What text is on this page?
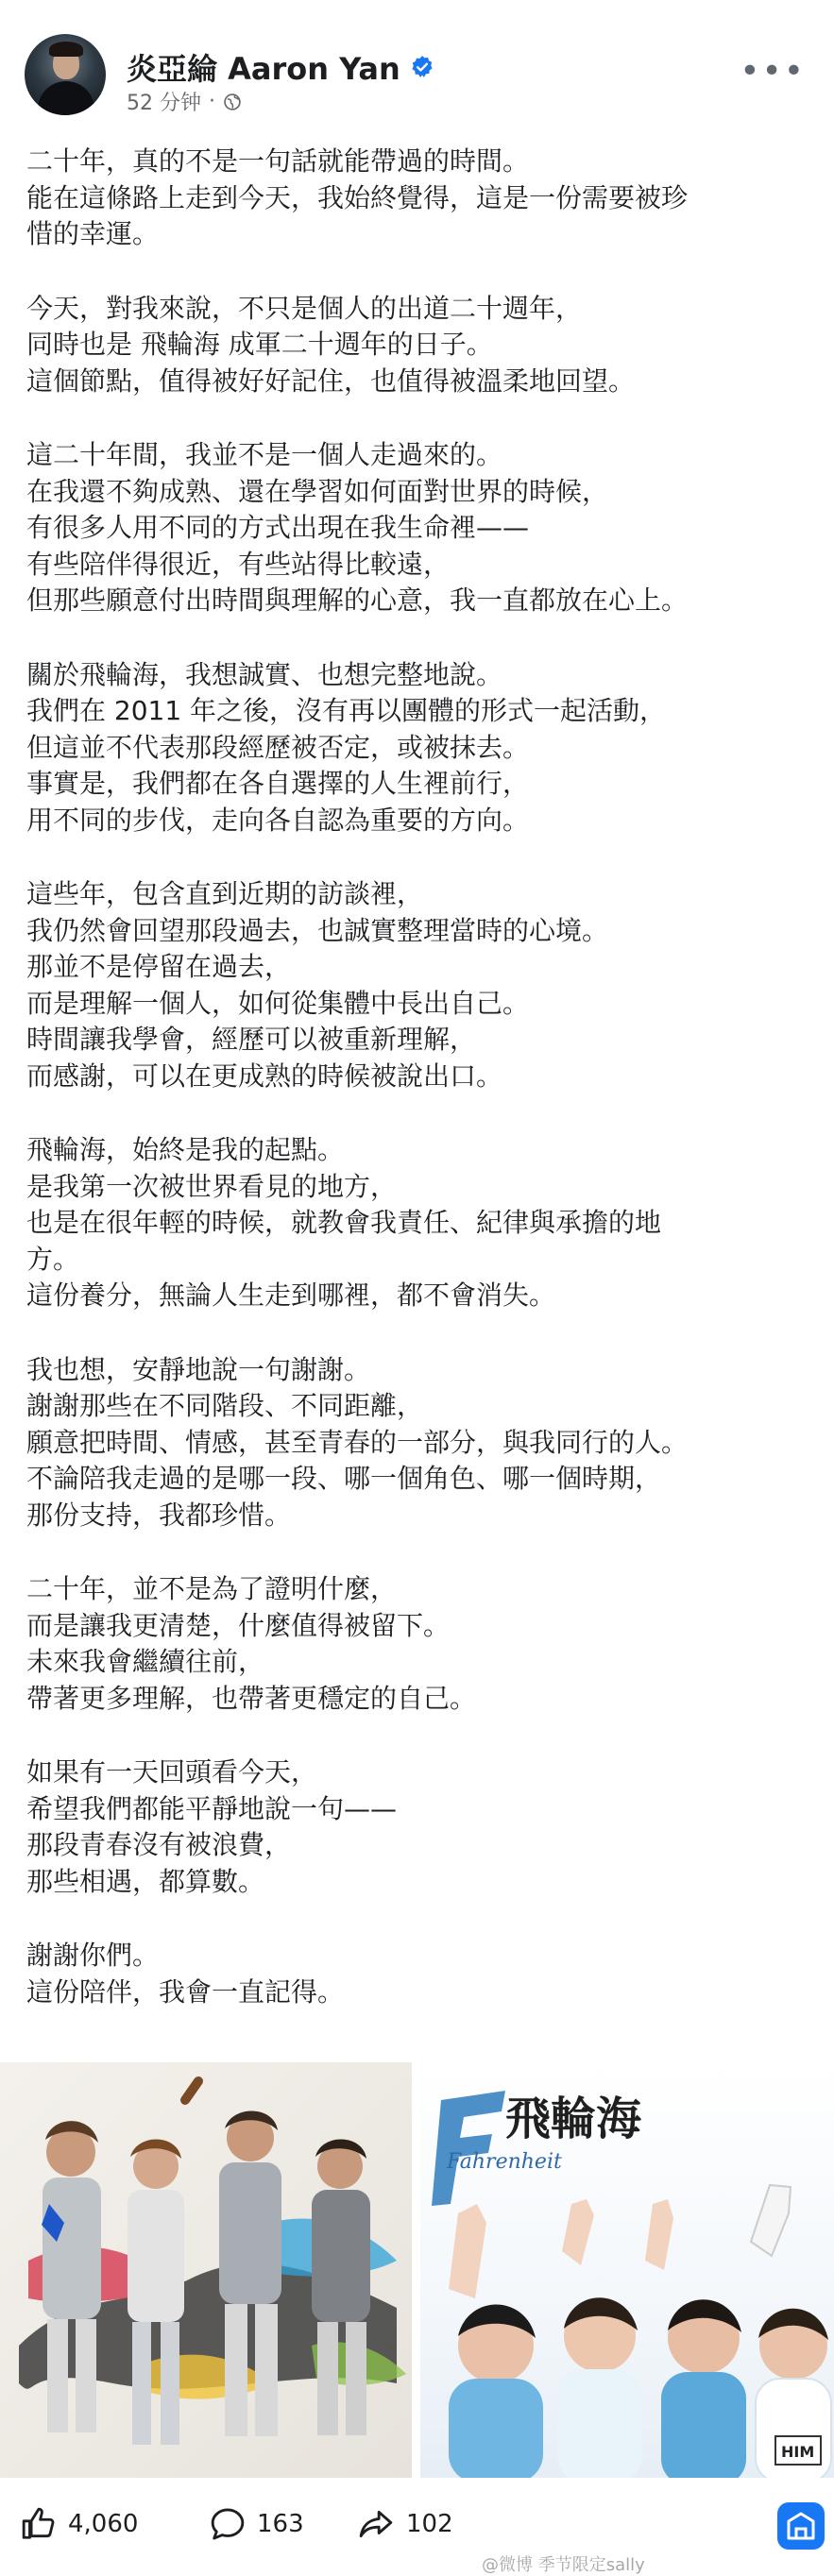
炎亞綸 Aaron Yan
52 分钟 ·
•••
二十年，真的不是一句話就能帶過的時間。
能在這條路上走到今天，我始終覺得，這是一份需要被珍
惜的幸運。
今天，對我來說，不只是個人的出道二十週年，
同時也是 飛輪海 成軍二十週年的日子。
這個節點，值得被好好記住，也值得被溫柔地回望。
這二十年間，我並不是一個人走過來的。
在我還不夠成熟、還在學習如何面對世界的時候，
有很多人用不同的方式出現在我生命裡——
有些陪伴得很近，有些站得比較遠，
但那些願意付出時間與理解的心意，我一直都放在心上。
關於飛輪海，我想誠實、也想完整地說。
我們在 2011 年之後，沒有再以團體的形式一起活動，
但這並不代表那段經歷被否定，或被抹去。
事實是，我們都在各自選擇的人生裡前行，
用不同的步伐，走向各自認為重要的方向。
這些年，包含直到近期的訪談裡，
我仍然會回望那段過去，也誠實整理當時的心境。
那並不是停留在過去，
而是理解一個人，如何從集體中長出自己。
時間讓我學會，經歷可以被重新理解，
而感謝，可以在更成熟的時候被說出口。
飛輪海，始終是我的起點。
是我第一次被世界看見的地方，
也是在很年輕的時候，就教會我責任、紀律與承擔的地
方。
這份養分，無論人生走到哪裡，都不會消失。
我也想，安靜地說一句謝謝。
謝謝那些在不同階段、不同距離，
願意把時間、情感，甚至青春的一部分，與我同行的人。
不論陪我走過的是哪一段、哪一個角色、哪一個時期，
那份支持，我都珍惜。
二十年，並不是為了證明什麼，
而是讓我更清楚，什麼值得被留下。
未來我會繼續往前，
帶著更多理解，也帶著更穩定的自己。
如果有一天回頭看今天，
希望我們都能平靜地說一句——
那段青春沒有被浪費，
那些相遇，都算數。
謝謝你們。
這份陪伴，我會一直記得。
飛輪海
Fahrenheit
HIM
4,060	163	102
@微博 季节限定sally
